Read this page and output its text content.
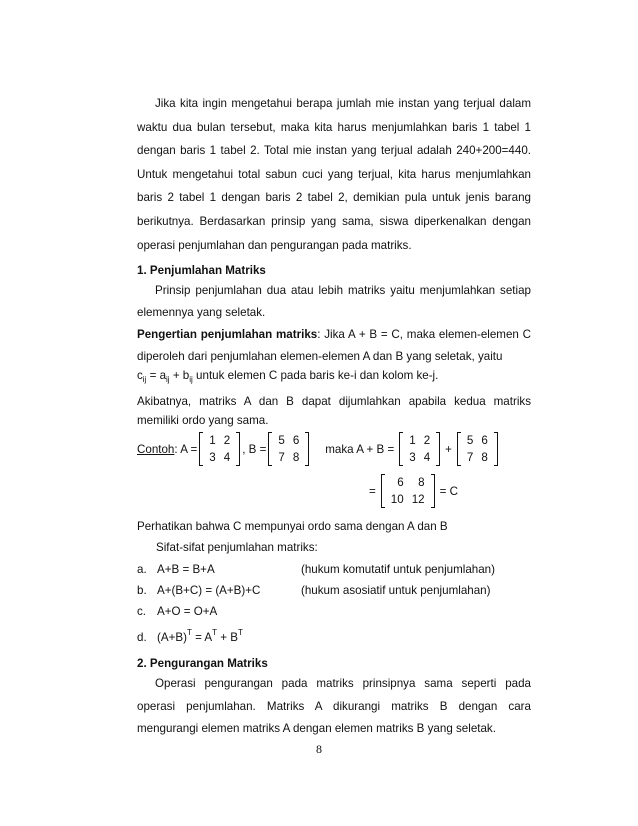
Jika kita ingin mengetahui berapa jumlah mie instan yang terjual dalam waktu dua bulan tersebut, maka kita harus menjumlahkan baris 1 tabel 1 dengan baris 1 tabel 2. Total mie instan yang terjual adalah 240+200=440. Untuk mengetahui total sabun cuci yang terjual, kita harus menjumlahkan baris 2 tabel 1 dengan baris 2 tabel 2, demikian pula untuk jenis barang berikutnya. Berdasarkan prinsip yang sama, siswa diperkenalkan dengan operasi penjumlahan dan pengurangan pada matriks.

1. Penjumlahan Matriks

Prinsip penjumlahan dua atau lebih matriks yaitu menjumlahkan setiap elemennya yang seletak.

Pengertian penjumlahan matriks: Jika A + B = C, maka elemen-elemen C diperoleh dari penjumlahan elemen-elemen A dan B yang seletak, yaitu

$c_{ij} = a_{ij} + b_{ij}$ untuk elemen C pada baris ke-i dan kolom ke-j.

Akibatnya, matriks A dan B dapat dijumlahkan apabila kedua matriks memiliki ordo yang sama.

Contoh : A =
1	2
3	4
, B =
5	6
7	8
maka A + B =
1	2
3	4
+
5	6
7	8
=
6	8
10	12
= C
Perhatikan bahwa C mempunyai ordo sama dengan A dan B
Sifat-sifat penjumlahan matriks:
a. A+B = B+A	(hukum komutatif untuk penjumlahan)
b. A+(B+C) = (A+B)+C	(hukum asosiatif untuk penjumlahan)
c. A+O = O+A
d. $(A+B)^T = A^T + B^T$
2. Pengurangan Matriks

Operasi pengurangan pada matriks prinsipnya sama seperti pada operasi penjumlahan. Matriks A dikurangi matriks B dengan cara mengurangi elemen matriks A dengan elemen matriks B yang seletak.

8
